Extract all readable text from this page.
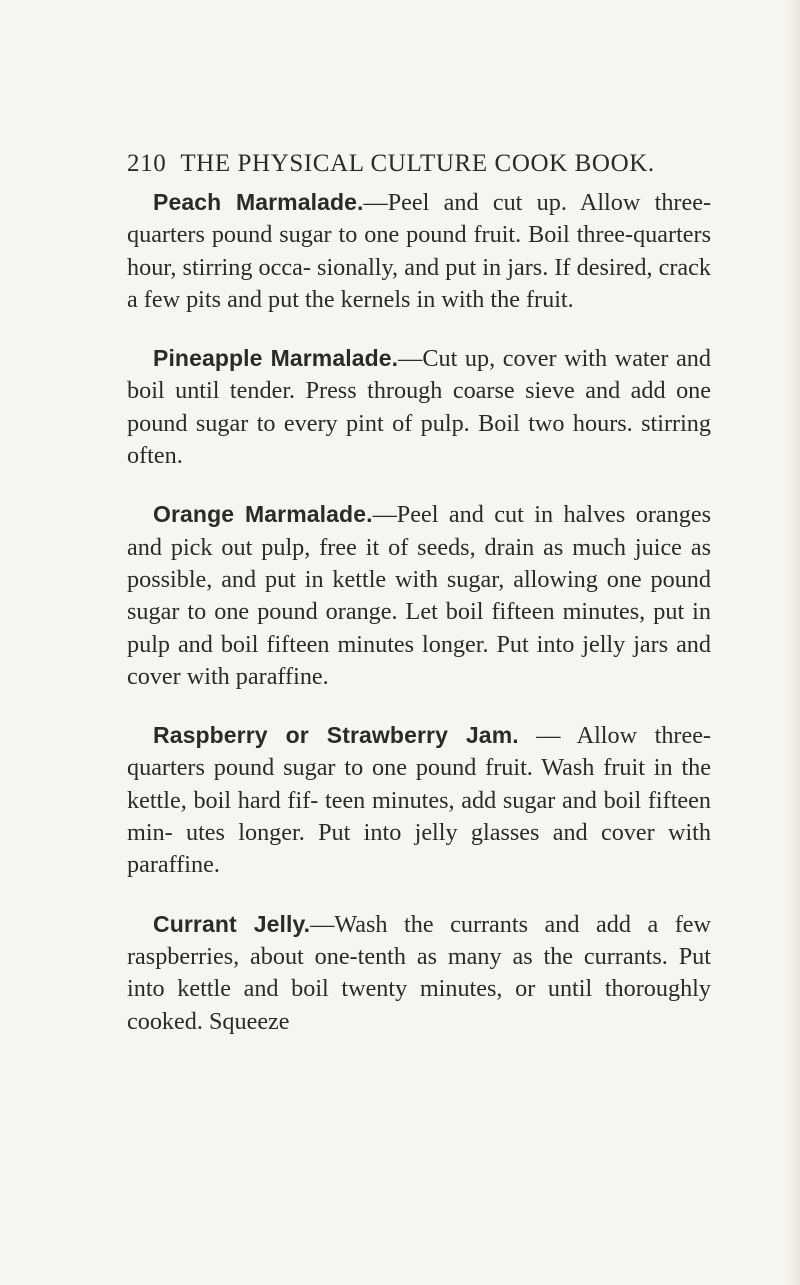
210 THE PHYSICAL CULTURE COOK BOOK.

Peach Marmalade.—Peel and cut up. Allow three-quarters pound sugar to one pound fruit. Boil three-quarters hour, stirring occa- sionally, and put in jars. If desired, crack a few pits and put the kernels in with the fruit.

Pineapple Marmalade.—Cut up, cover with water and boil until tender. Press through coarse sieve and add one pound sugar to every pint of pulp. Boil two hours. stirring often.

Orange Marmalade.—Peel and cut in halves oranges and pick out pulp, free it of seeds, drain as much juice as possible, and put in kettle with sugar, allowing one pound sugar to one pound orange. Let boil fifteen minutes, put in pulp and boil fifteen minutes longer. Put into jelly jars and cover with paraffine.

Raspberry or Strawberry Jam. — Allow three-quarters pound sugar to one pound fruit. Wash fruit in the kettle, boil hard fif- teen minutes, add sugar and boil fifteen min- utes longer. Put into jelly glasses and cover with paraffine.

Currant Jelly.—Wash the currants and add a few raspberries, about one-tenth as many as the currants. Put into kettle and boil twenty minutes, or until thoroughly cooked. Squeeze
